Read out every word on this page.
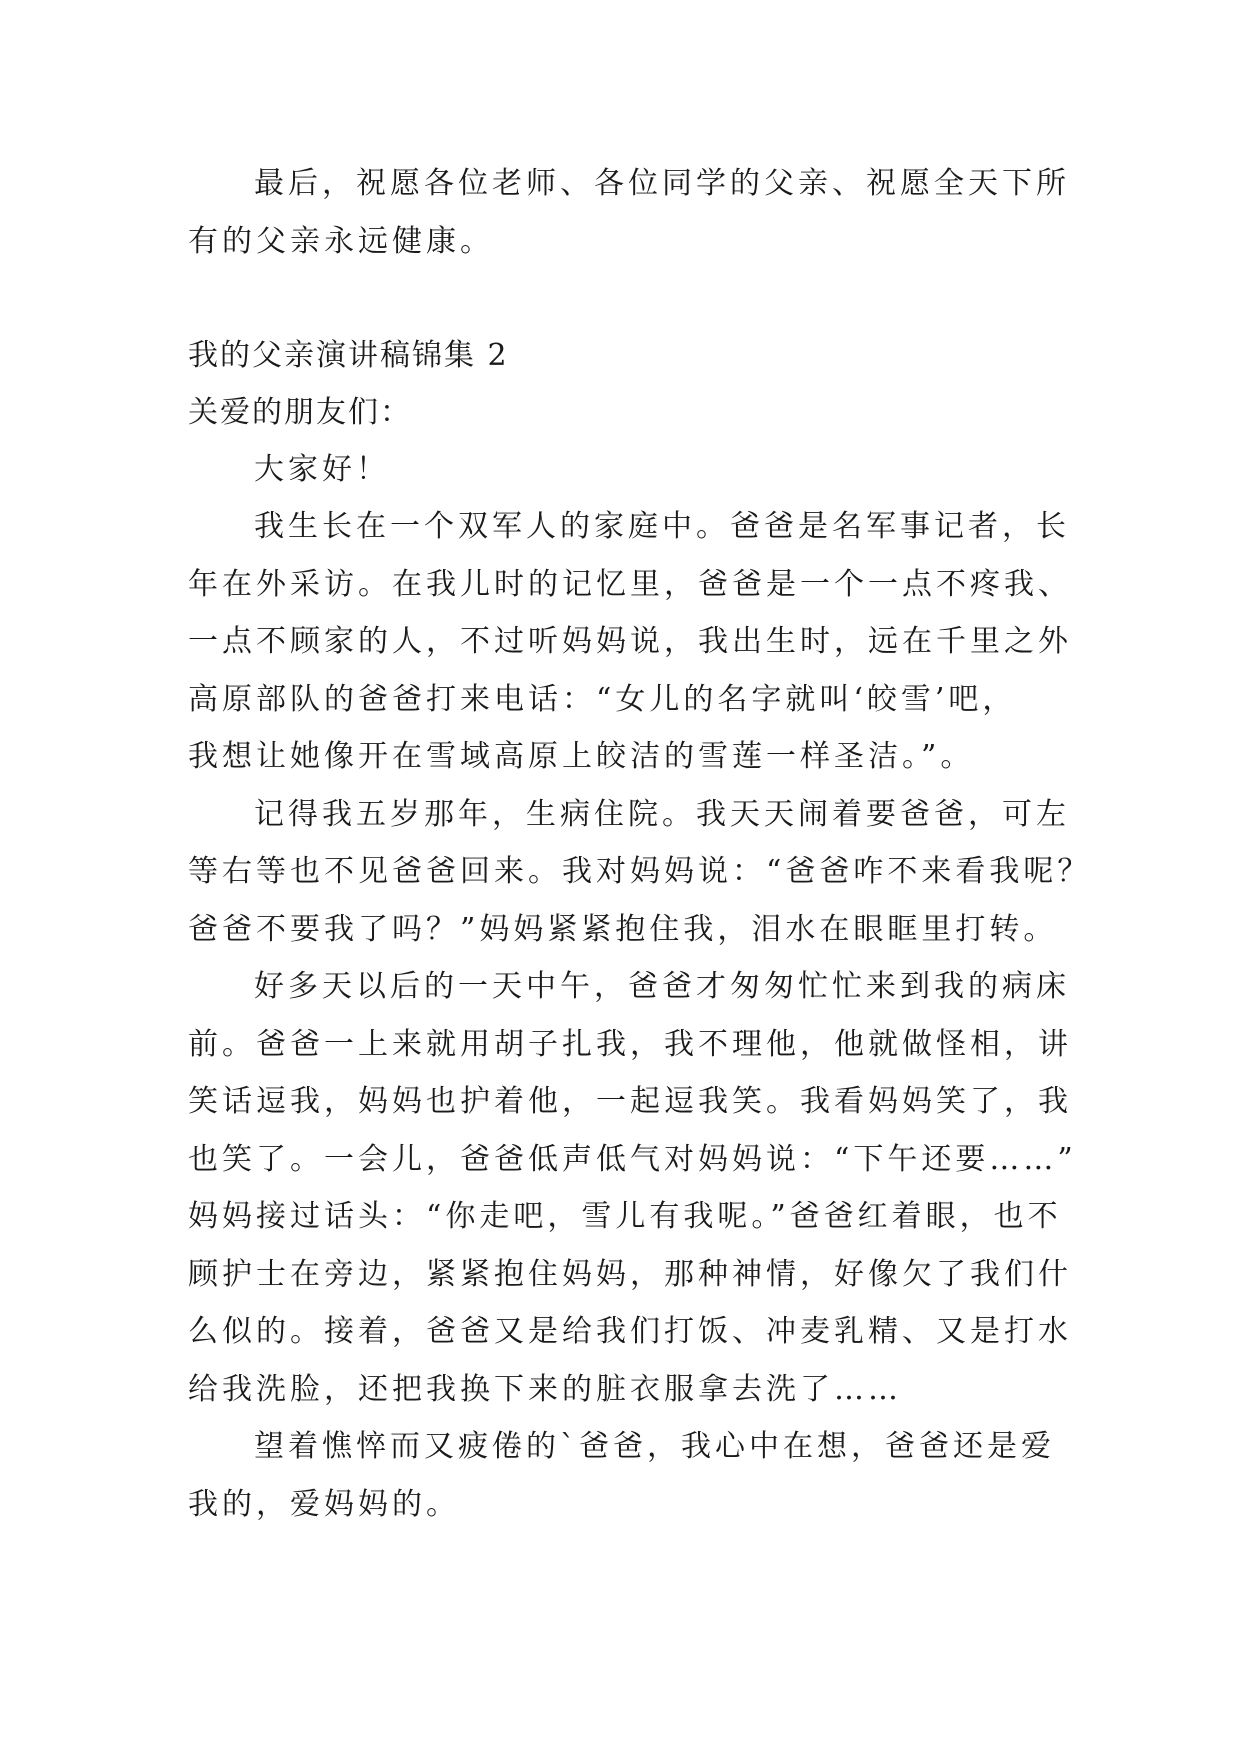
最后，祝愿各位老师、各位同学的父亲、祝愿全天下所
有的父亲永远健康。
我的父亲演讲稿锦集 2
关爱的朋友们：
大家好！
我生长在一个双军人的家庭中。爸爸是名军事记者，长
年在外采访。在我儿时的记忆里，爸爸是一个一点不疼我、
一点不顾家的人，不过听妈妈说，我出生时，远在千里之外
高原部队的爸爸打来电话：“女儿的名字就叫‘皎雪’吧，
我想让她像开在雪域高原上皎洁的雪莲一样圣洁。”。
记得我五岁那年，生病住院。我天天闹着要爸爸，可左
等右等也不见爸爸回来。我对妈妈说：“爸爸咋不来看我呢？
爸爸不要我了吗？”妈妈紧紧抱住我，泪水在眼眶里打转。
好多天以后的一天中午，爸爸才匆匆忙忙来到我的病床
前。爸爸一上来就用胡子扎我，我不理他，他就做怪相，讲
笑话逗我，妈妈也护着他，一起逗我笑。我看妈妈笑了，我
也笑了。一会儿，爸爸低声低气对妈妈说：“下午还要……”
妈妈接过话头：“你走吧，雪儿有我呢。”爸爸红着眼，也不
顾护士在旁边，紧紧抱住妈妈，那种神情，好像欠了我们什
么似的。接着，爸爸又是给我们打饭、冲麦乳精、又是打水
给我洗脸，还把我换下来的脏衣服拿去洗了……
望着憔悴而又疲倦的`爸爸，我心中在想，爸爸还是爱
我的，爱妈妈的。
